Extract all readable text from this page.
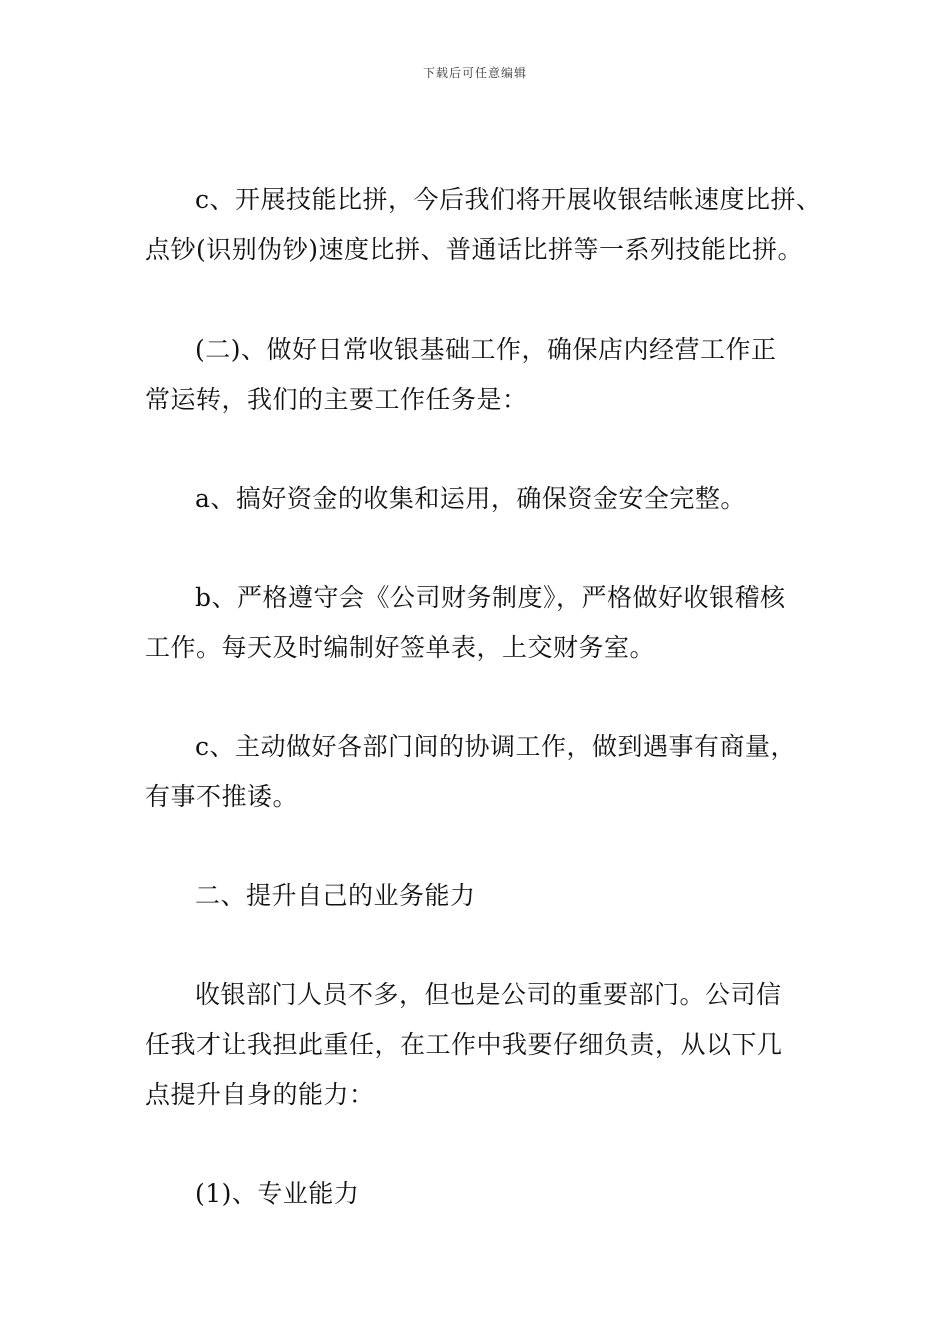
下载后可任意编辑
c、开展技能比拼，今后我们将开展收银结帐速度比拼、
点钞(识别伪钞)速度比拼、普通话比拼等一系列技能比拼。
(二)、做好日常收银基础工作，确保店内经营工作正
常运转，我们的主要工作任务是：
a、搞好资金的收集和运用，确保资金安全完整。
b、严格遵守会《公司财务制度》，严格做好收银稽核
工作。每天及时编制好签单表，上交财务室。
c、主动做好各部门间的协调工作，做到遇事有商量，
有事不推诿。
二、提升自己的业务能力
收银部门人员不多，但也是公司的重要部门。公司信
任我才让我担此重任，在工作中我要仔细负责，从以下几
点提升自身的能力：
(1)、专业能力
